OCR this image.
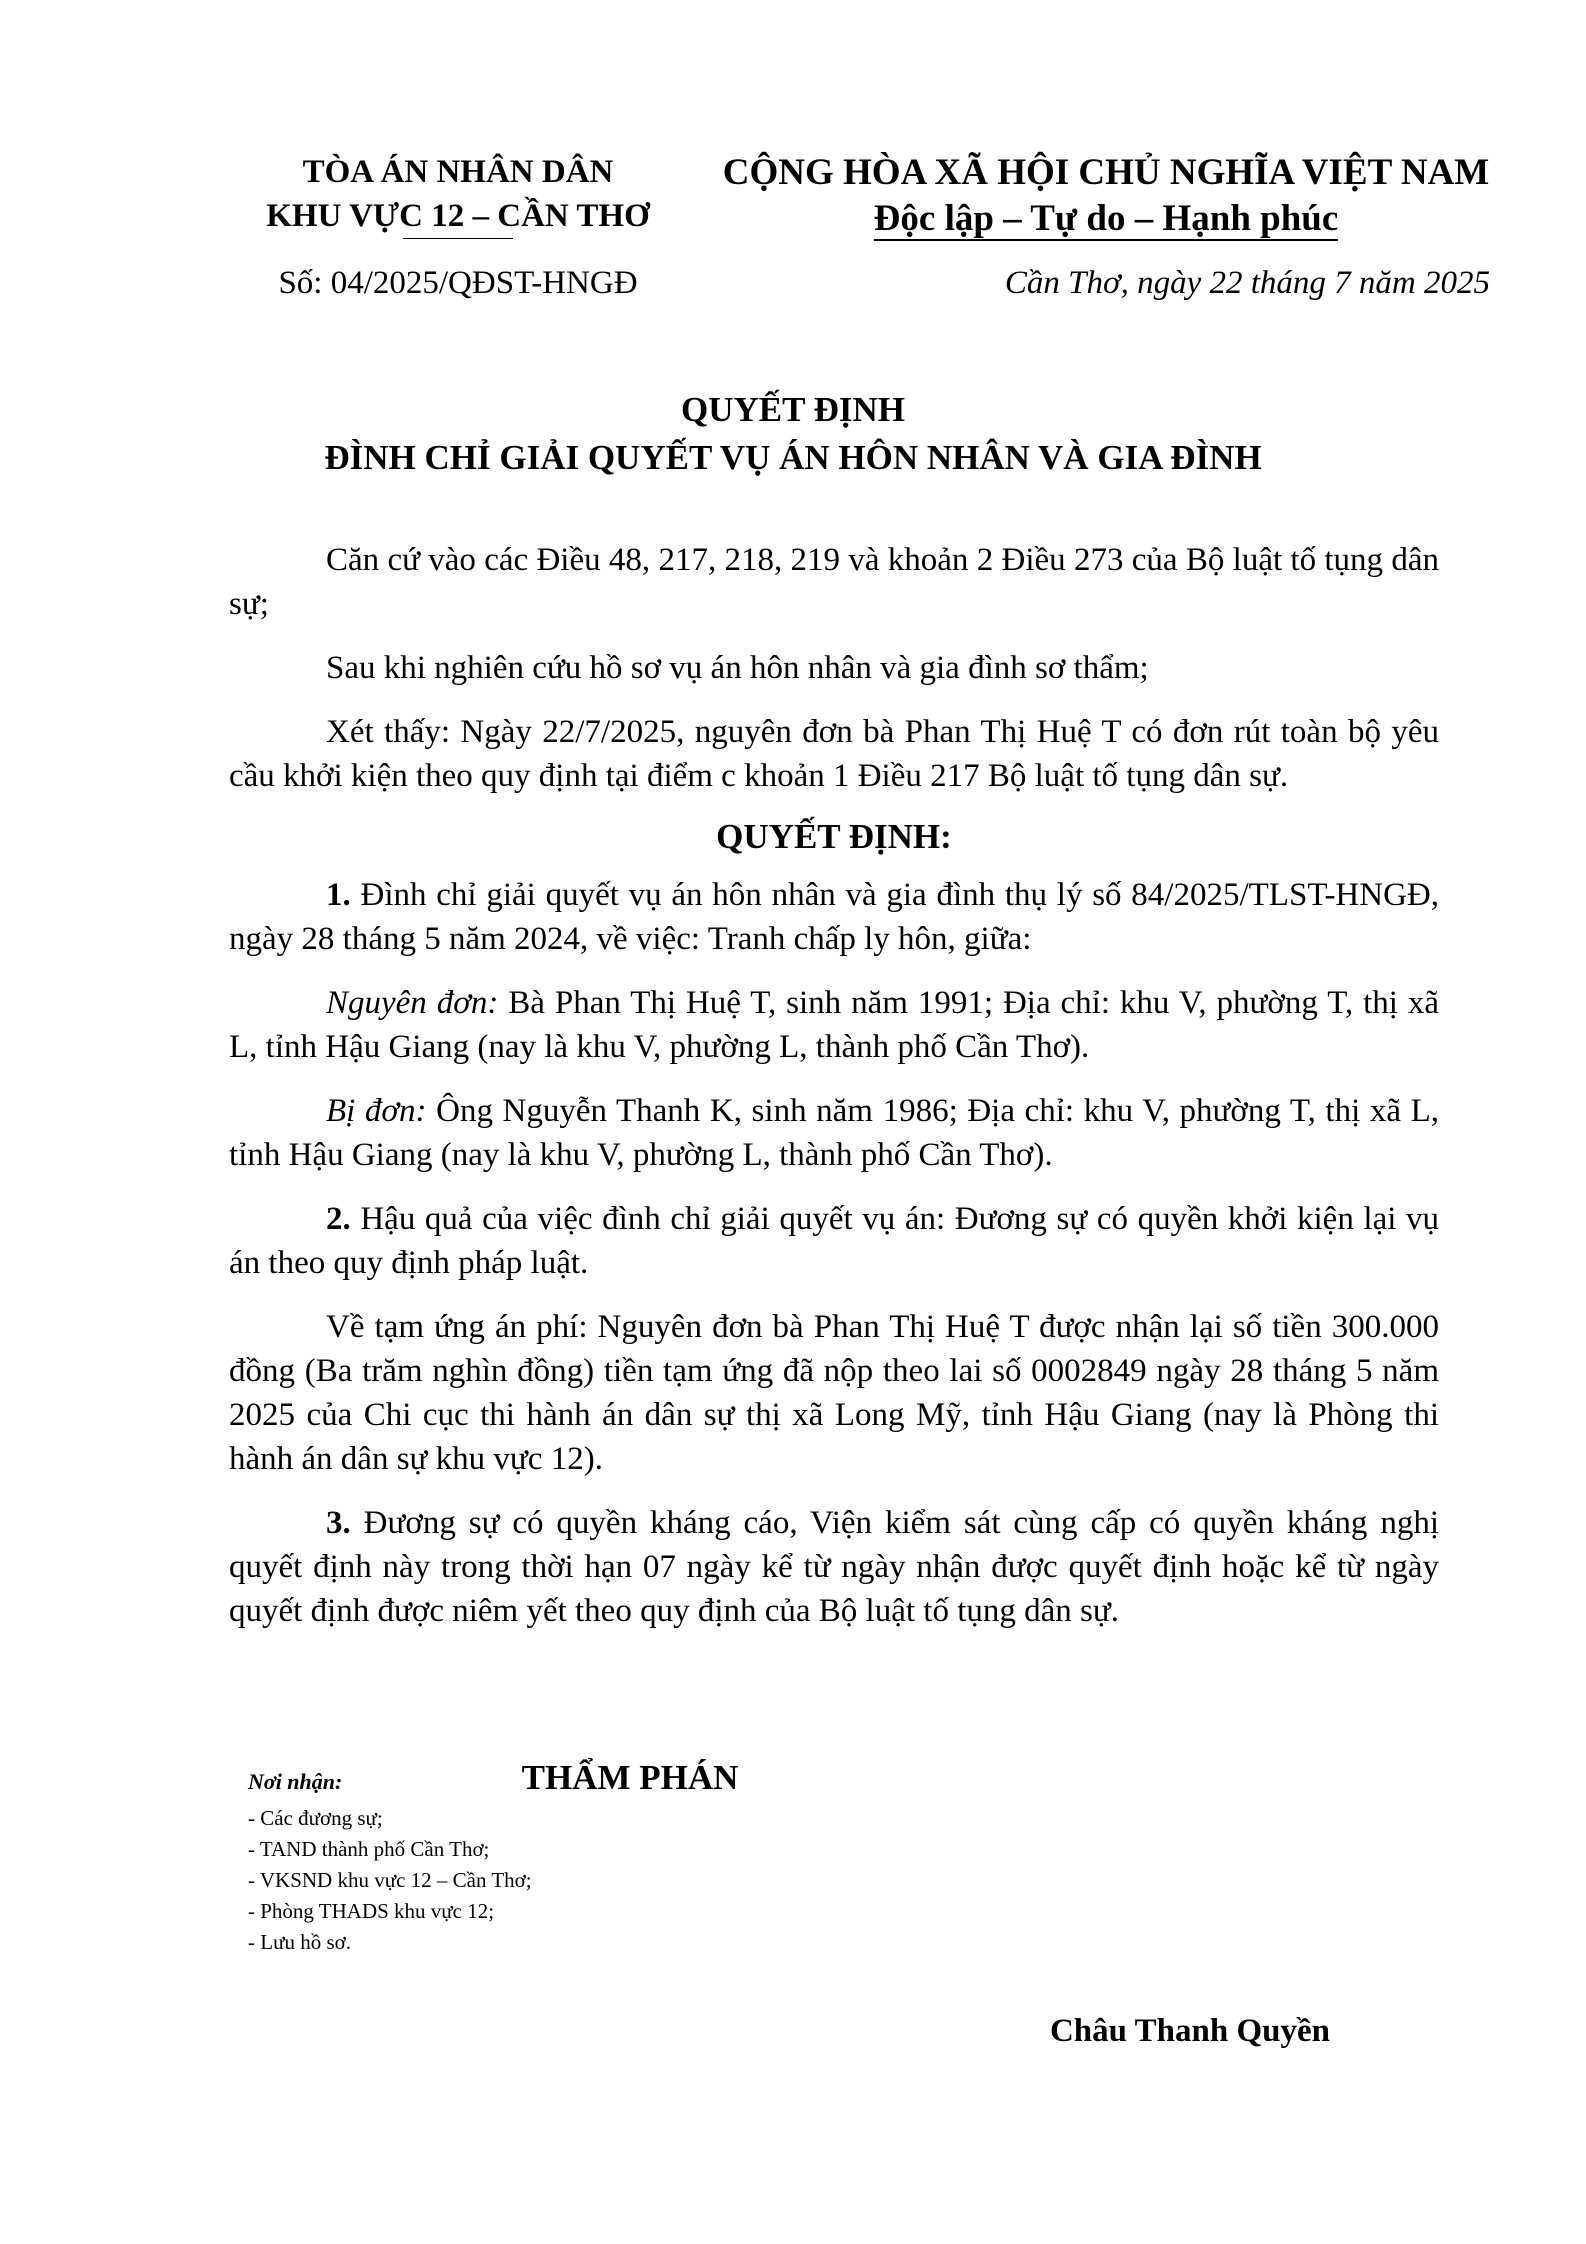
TÒA ÁN NHÂN DÂN
KHU VỰC 12 – CẦN THƠ
CỘNG HÒA XÃ HỘI CHỦ NGHĨA VIỆT NAM
Độc lập – Tự do – Hạnh phúc
Số: 04/2025/QĐST-HNGĐ	Cần Thơ, ngày 22 tháng 7 năm 2025
QUYẾT ĐỊNH
ĐÌNH CHỈ GIẢI QUYẾT VỤ ÁN HÔN NHÂN VÀ GIA ĐÌNH

Căn cứ vào các Điều 48, 217, 218, 219 và khoản 2 Điều 273 của Bộ luật tố tụng dân sự;

Sau khi nghiên cứu hồ sơ vụ án hôn nhân và gia đình sơ thẩm;

Xét thấy: Ngày 22/7/2025, nguyên đơn bà Phan Thị Huệ T có đơn rút toàn bộ yêu cầu khởi kiện theo quy định tại điểm c khoản 1 Điều 217 Bộ luật tố tụng dân sự.

QUYẾT ĐỊNH:

1. Đình chỉ giải quyết vụ án hôn nhân và gia đình thụ lý số 84/2025/TLST-HNGĐ, ngày 28 tháng 5 năm 2024, về việc: Tranh chấp ly hôn, giữa:

Nguyên đơn: Bà Phan Thị Huệ T, sinh năm 1991; Địa chỉ: khu V, phường T, thị xã L, tỉnh Hậu Giang (nay là khu V, phường L, thành phố Cần Thơ).

Bị đơn: Ông Nguyễn Thanh K, sinh năm 1986; Địa chỉ: khu V, phường T, thị xã L, tỉnh Hậu Giang (nay là khu V, phường L, thành phố Cần Thơ).

2. Hậu quả của việc đình chỉ giải quyết vụ án: Đương sự có quyền khởi kiện lại vụ án theo quy định pháp luật.

Về tạm ứng án phí: Nguyên đơn bà Phan Thị Huệ T được nhận lại số tiền 300.000 đồng (Ba trăm nghìn đồng) tiền tạm ứng đã nộp theo lai số 0002849 ngày 28 tháng 5 năm 2025 của Chi cục thi hành án dân sự thị xã Long Mỹ, tỉnh Hậu Giang (nay là Phòng thi hành án dân sự khu vực 12).

3. Đương sự có quyền kháng cáo, Viện kiểm sát cùng cấp có quyền kháng nghị quyết định này trong thời hạn 07 ngày kể từ ngày nhận được quyết định hoặc kể từ ngày quyết định được niêm yết theo quy định của Bộ luật tố tụng dân sự.

Nơi nhận:
- Các đương sự;
- TAND thành phố Cần Thơ;
- VKSND khu vực 12 – Cần Thơ;
- Phòng THADS khu vực 12;
- Lưu hồ sơ.
THẨM PHÁN
Châu Thanh Quyền
